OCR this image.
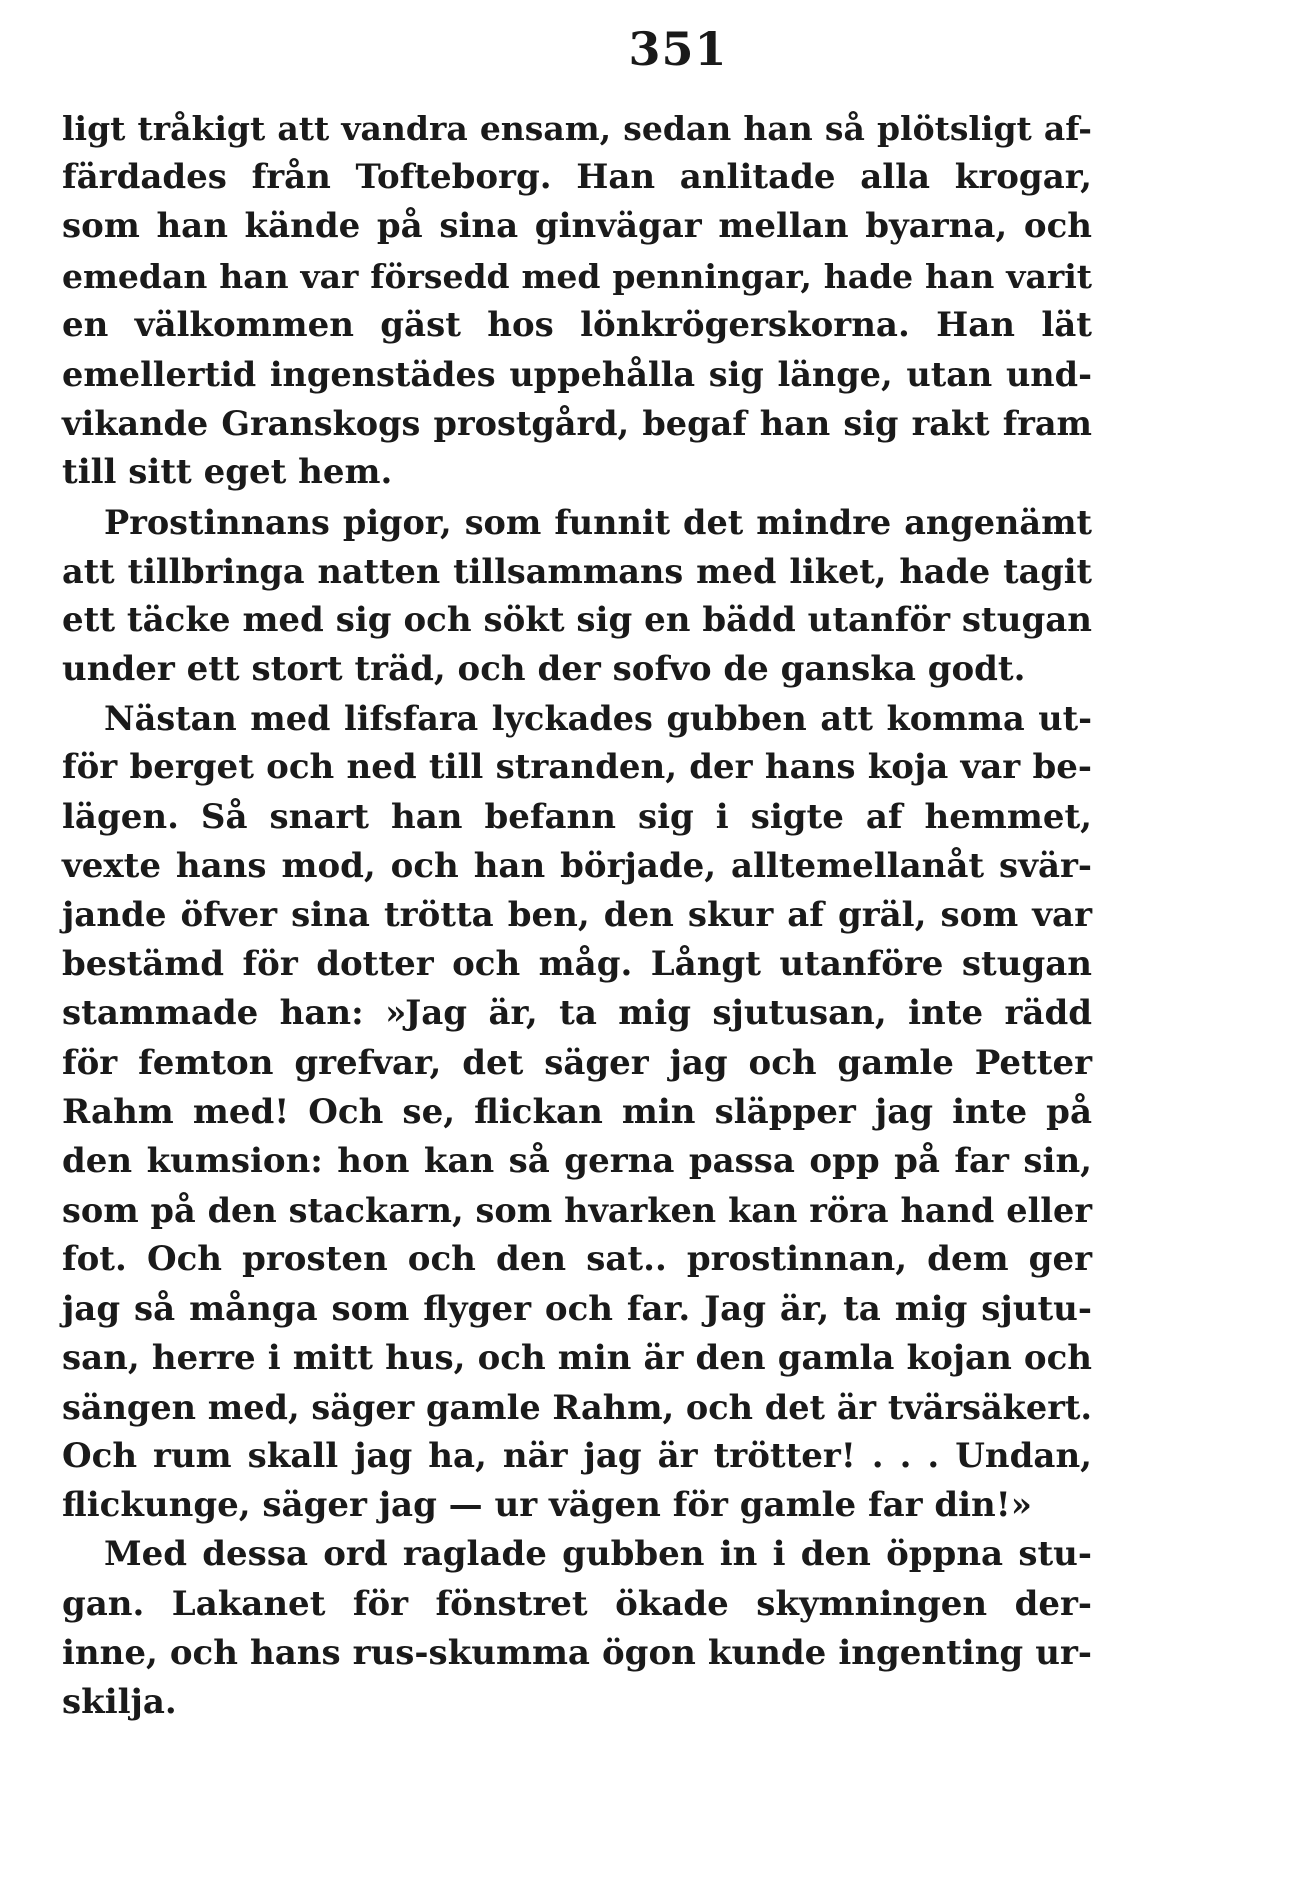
351
ligt tråkigt att vandra ensam, sedan han så plötsligt af-
färdades från Tofteborg. Han anlitade alla krogar,
som han kände på sina ginvägar mellan byarna, och
emedan han var försedd med penningar, hade han varit
en välkommen gäst hos lönkrögerskorna. Han lät
emellertid ingenstädes uppehålla sig länge, utan und-
vikande Granskogs prostgård, begaf han sig rakt fram
till sitt eget hem.
Prostinnans pigor, som funnit det mindre angenämt
att tillbringa natten tillsammans med liket, hade tagit
ett täcke med sig och sökt sig en bädd utanför stugan
under ett stort träd, och der sofvo de ganska godt.
Nästan med lifsfara lyckades gubben att komma ut-
för berget och ned till stranden, der hans koja var be-
lägen. Så snart han befann sig i sigte af hemmet,
vexte hans mod, och han började, alltemellanåt svär-
jande öfver sina trötta ben, den skur af gräl, som var
bestämd för dotter och måg. Långt utanföre stugan
stammade han: »Jag är, ta mig sjutusan, inte rädd
för femton grefvar, det säger jag och gamle Petter
Rahm med! Och se, flickan min släpper jag inte på
den kumsion: hon kan så gerna passa opp på far sin,
som på den stackarn, som hvarken kan röra hand eller
fot. Och prosten och den sat.. prostinnan, dem ger
jag så många som flyger och far. Jag är, ta mig sjutu-
san, herre i mitt hus, och min är den gamla kojan och
sängen med, säger gamle Rahm, och det är tvärsäkert.
Och rum skall jag ha, när jag är trötter! . . . Undan,
flickunge, säger jag — ur vägen för gamle far din!»
Med dessa ord raglade gubben in i den öppna stu-
gan. Lakanet för fönstret ökade skymningen der-
inne, och hans rus-skumma ögon kunde ingenting ur-
skilja.
